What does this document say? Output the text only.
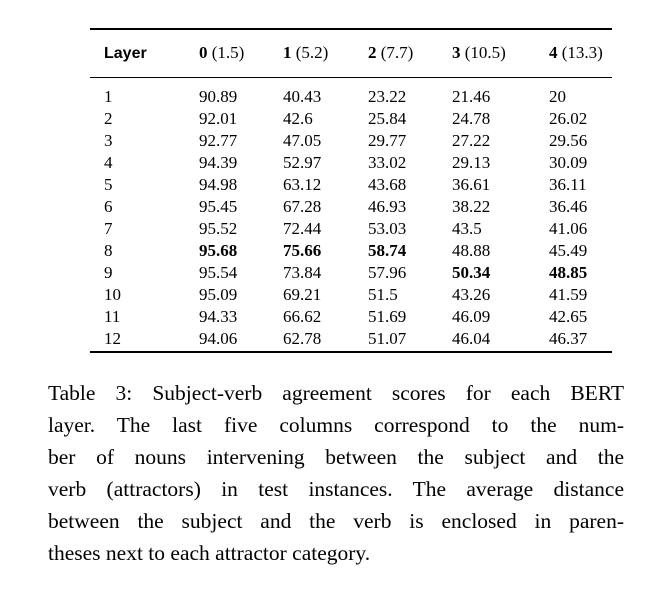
Layer	0 (1.5)	1 (5.2)	2 (7.7)	3 (10.5)	4 (13.3)
1	90.89	40.43	23.22	21.46	20
2	92.01	42.6	25.84	24.78	26.02
3	92.77	47.05	29.77	27.22	29.56
4	94.39	52.97	33.02	29.13	30.09
5	94.98	63.12	43.68	36.61	36.11
6	95.45	67.28	46.93	38.22	36.46
7	95.52	72.44	53.03	43.5	41.06
8	95.68	75.66	58.74	48.88	45.49
9	95.54	73.84	57.96	50.34	48.85
10	95.09	69.21	51.5	43.26	41.59
11	94.33	66.62	51.69	46.09	42.65
12	94.06	62.78	51.07	46.04	46.37
Table 3: Subject-verb agreement scores for each BERT
layer. The last five columns correspond to the num-
ber of nouns intervening between the subject and the
verb (attractors) in test instances. The average distance
between the subject and the verb is enclosed in paren-
theses next to each attractor category.
